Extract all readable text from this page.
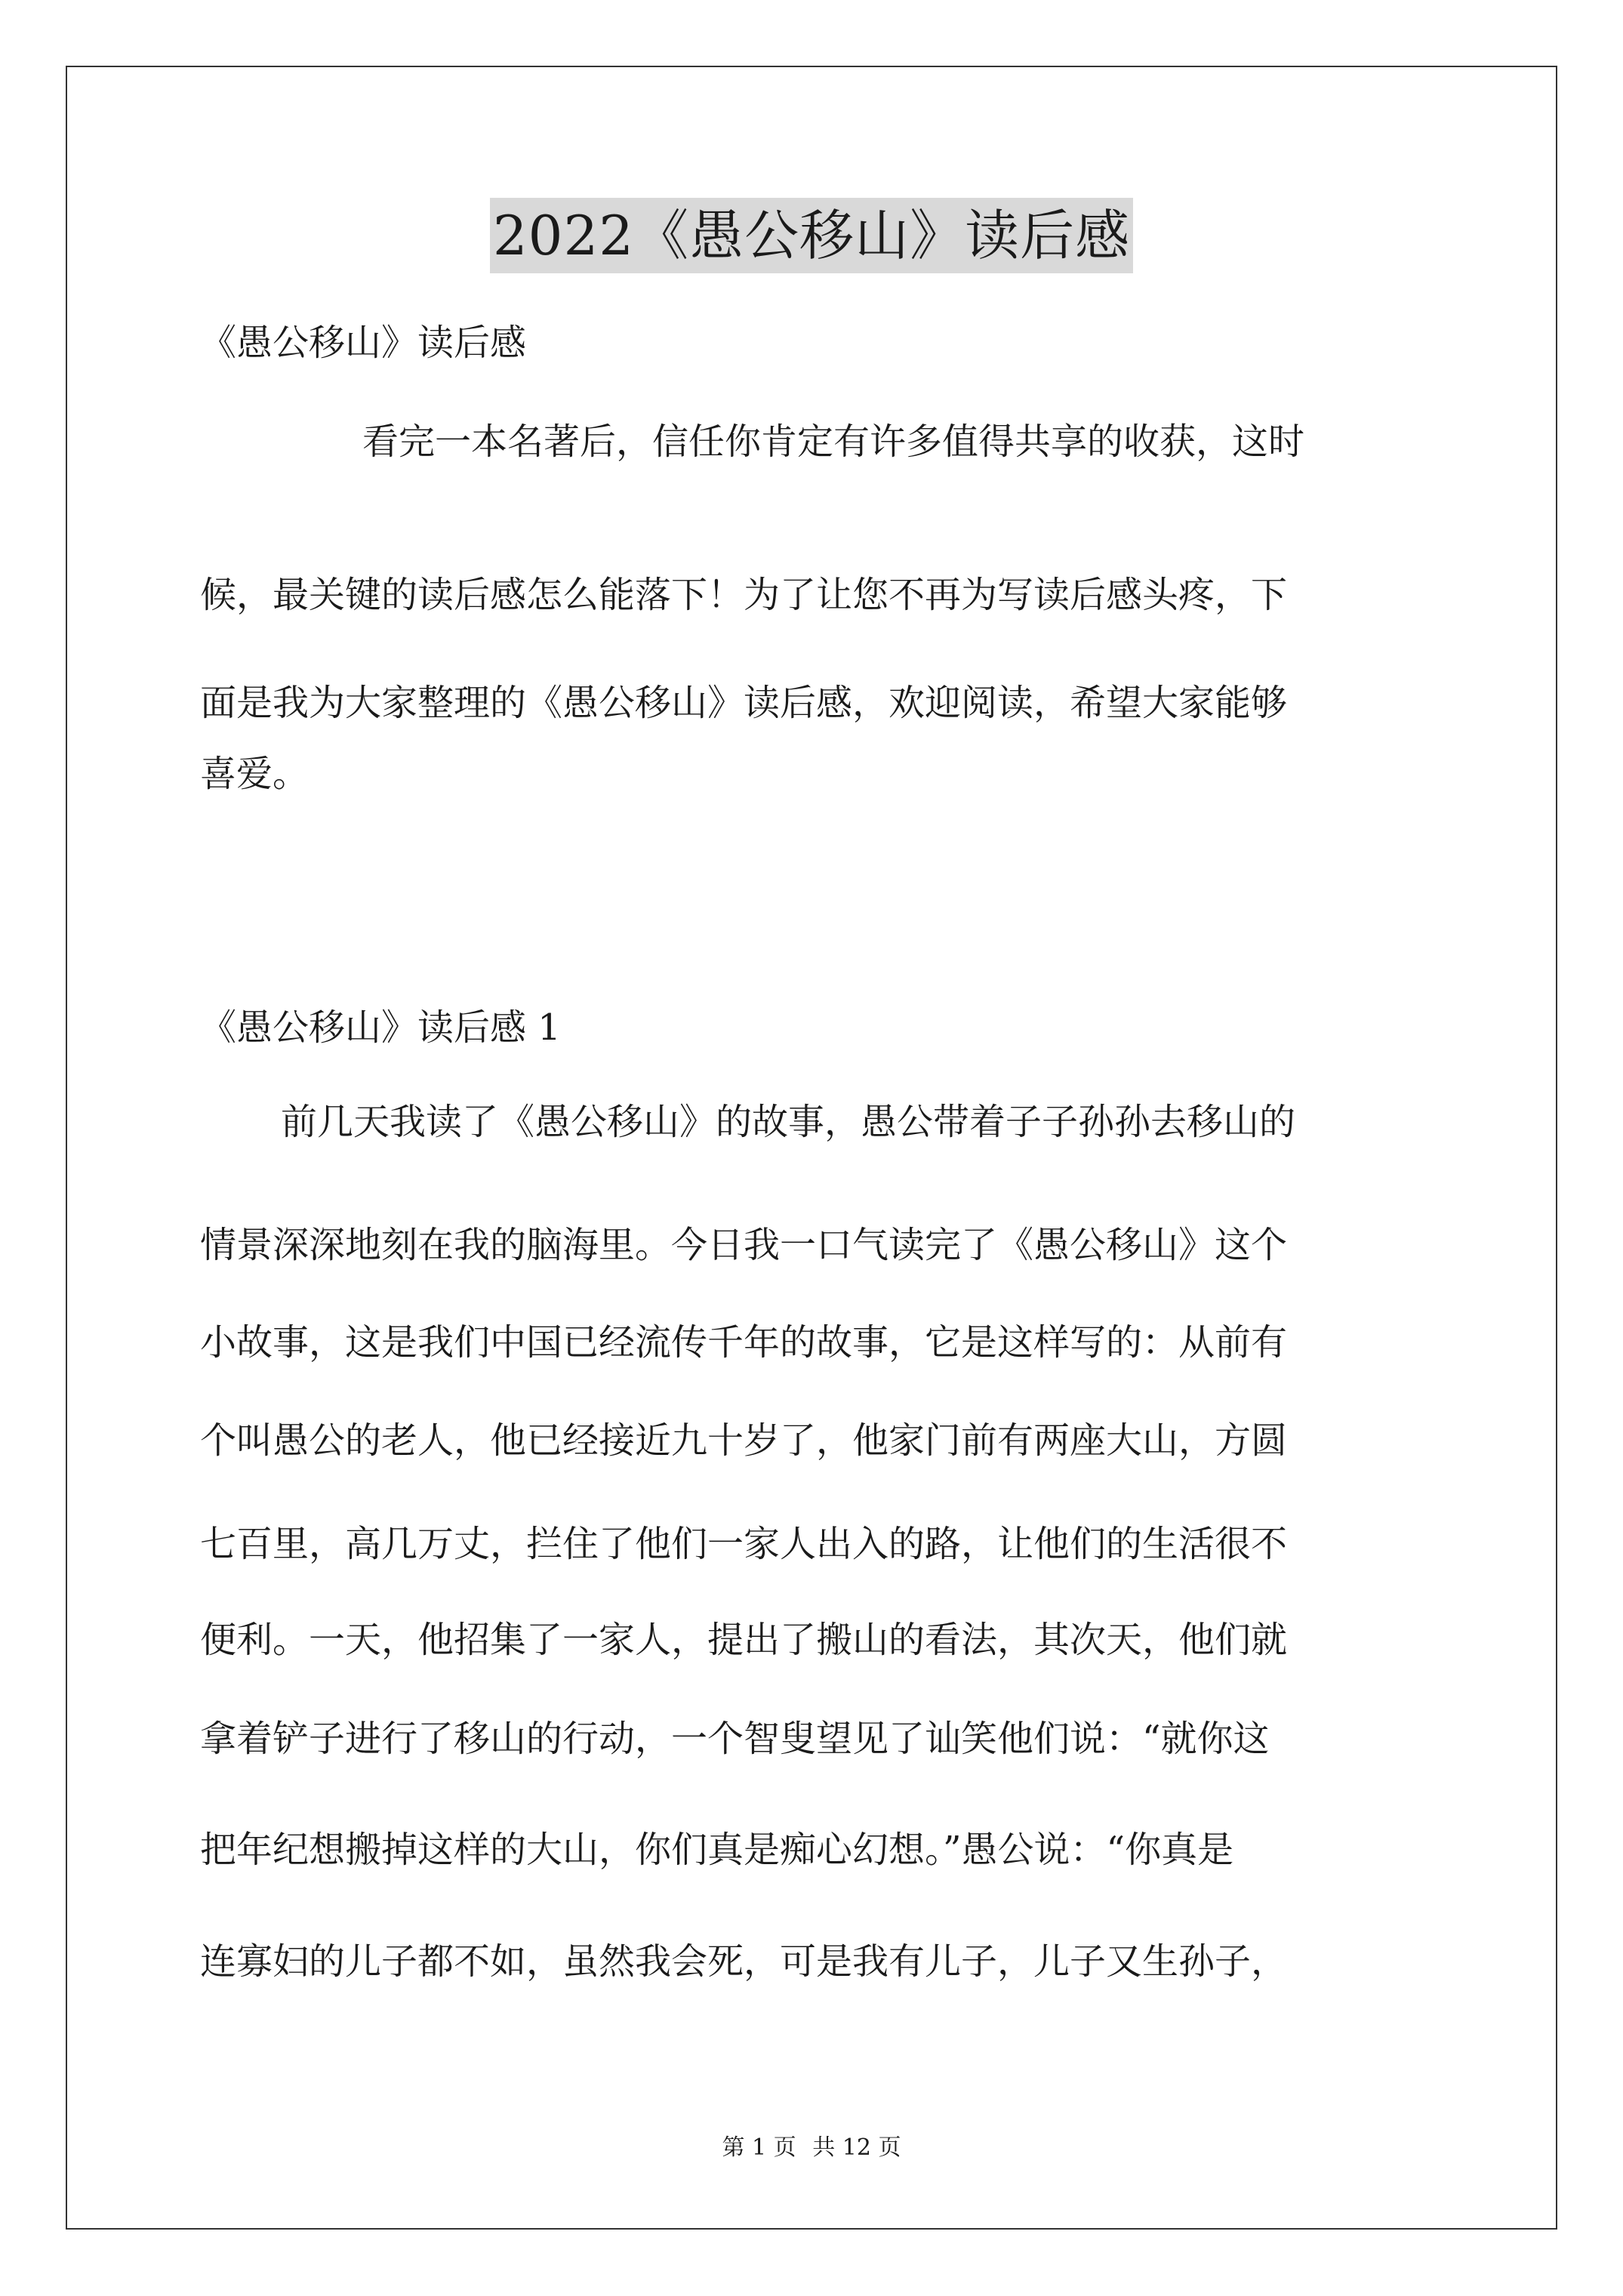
2022《愚公移山》读后感
《愚公移山》读后感
看完一本名著后，信任你肯定有许多值得共享的收获，这时
候，最关键的读后感怎么能落下！为了让您不再为写读后感头疼，下
面是我为大家整理的《愚公移山》读后感，欢迎阅读，希望大家能够
喜爱。
《愚公移山》读后感 1
前几天我读了《愚公移山》的故事，愚公带着子子孙孙去移山的
情景深深地刻在我的脑海里。今日我一口气读完了《愚公移山》这个
小故事，这是我们中国已经流传千年的故事，它是这样写的：从前有
个叫愚公的老人，他已经接近九十岁了，他家门前有两座大山，方圆
七百里，高几万丈，拦住了他们一家人出入的路，让他们的生活很不
便利。一天，他招集了一家人，提出了搬山的看法，其次天，他们就
拿着铲子进行了移山的行动，一个智叟望见了讪笑他们说：“就你这
把年纪想搬掉这样的大山，你们真是痴心幻想。”愚公说：“你真是
连寡妇的儿子都不如，虽然我会死，可是我有儿子，儿子又生孙子，
第 1 页 共 12 页
